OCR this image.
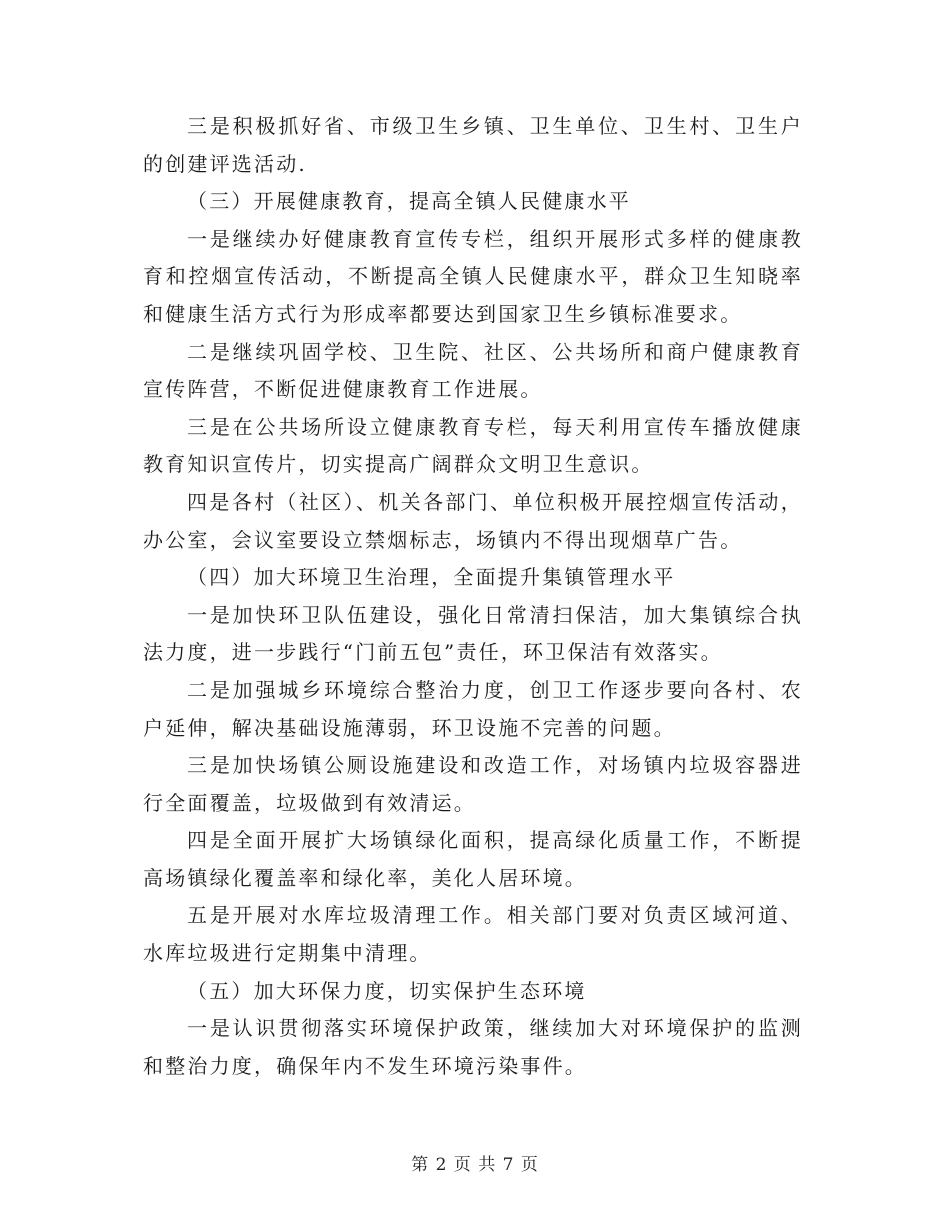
三是积极抓好省、市级卫生乡镇、卫生单位、卫生村、卫生户的创建评选活动.

（三）开展健康教育，提高全镇人民健康水平

一是继续办好健康教育宣传专栏，组织开展形式多样的健康教育和控烟宣传活动，不断提高全镇人民健康水平，群众卫生知晓率和健康生活方式行为形成率都要达到国家卫生乡镇标准要求。

二是继续巩固学校、卫生院、社区、公共场所和商户健康教育宣传阵营，不断促进健康教育工作进展。

三是在公共场所设立健康教育专栏，每天利用宣传车播放健康教育知识宣传片，切实提高广阔群众文明卫生意识。

四是各村（社区）、机关各部门、单位积极开展控烟宣传活动，办公室，会议室要设立禁烟标志，场镇内不得出现烟草广告。

（四）加大环境卫生治理，全面提升集镇管理水平

一是加快环卫队伍建设，强化日常清扫保洁，加大集镇综合执法力度，进一步践行“门前五包”责任，环卫保洁有效落实。

二是加强城乡环境综合整治力度，创卫工作逐步要向各村、农户延伸，解决基础设施薄弱，环卫设施不完善的问题。

三是加快场镇公厕设施建设和改造工作，对场镇内垃圾容器进行全面覆盖，垃圾做到有效清运。

四是全面开展扩大场镇绿化面积，提高绿化质量工作，不断提高场镇绿化覆盖率和绿化率，美化人居环境。

五是开展对水库垃圾清理工作。相关部门要对负责区域河道、水库垃圾进行定期集中清理。

（五）加大环保力度，切实保护生态环境

一是认识贯彻落实环境保护政策，继续加大对环境保护的监测和整治力度，确保年内不发生环境污染事件。

第 2 页 共 7 页
